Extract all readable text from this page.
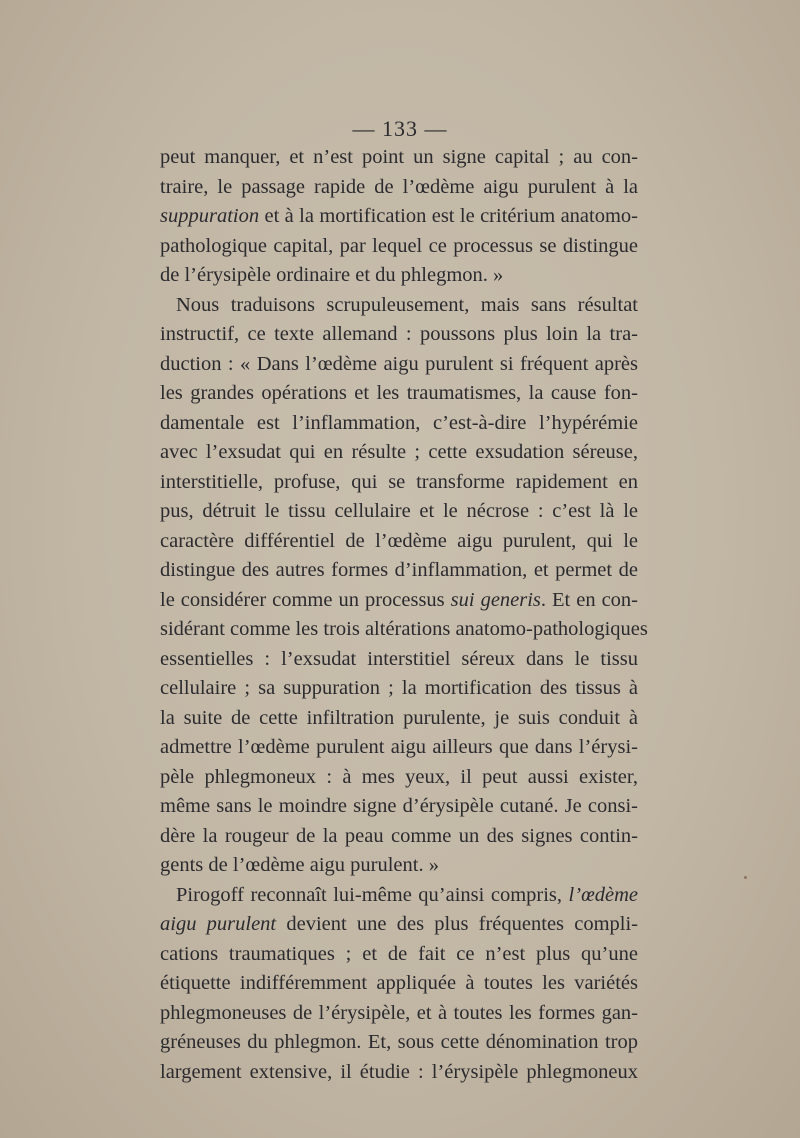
— 133 —
peut manquer, et n’est point un signe capital ; au con-
traire, le passage rapide de l’œdème aigu purulent à la
suppuration et à la mortification est le critérium anatomo-
pathologique capital, par lequel ce processus se distingue
de l’érysipèle ordinaire et du phlegmon. »
Nous traduisons scrupuleusement, mais sans résultat
instructif, ce texte allemand : poussons plus loin la tra-
duction : « Dans l’œdème aigu purulent si fréquent après
les grandes opérations et les traumatismes, la cause fon-
damentale est l’inflammation, c’est-à-dire l’hypérémie
avec l’exsudat qui en résulte ; cette exsudation séreuse,
interstitielle, profuse, qui se transforme rapidement en
pus, détruit le tissu cellulaire et le nécrose : c’est là le
caractère différentiel de l’œdème aigu purulent, qui le
distingue des autres formes d’inflammation, et permet de
le considérer comme un processus sui generis. Et en con-
sidérant comme les trois altérations anatomo-pathologiques
essentielles : l’exsudat interstitiel séreux dans le tissu
cellulaire ; sa suppuration ; la mortification des tissus à
la suite de cette infiltration purulente, je suis conduit à
admettre l’œdème purulent aigu ailleurs que dans l’érysi-
pèle phlegmoneux : à mes yeux, il peut aussi exister,
même sans le moindre signe d’érysipèle cutané. Je consi-
dère la rougeur de la peau comme un des signes contin-
gents de l’œdème aigu purulent. »
Pirogoff reconnaît lui-même qu’ainsi compris, l’œdème
aigu purulent devient une des plus fréquentes compli-
cations traumatiques ; et de fait ce n’est plus qu’une
étiquette indifféremment appliquée à toutes les variétés
phlegmoneuses de l’érysipèle, et à toutes les formes gan-
gréneuses du phlegmon. Et, sous cette dénomination trop
largement extensive, il étudie : l’érysipèle phlegmoneux
